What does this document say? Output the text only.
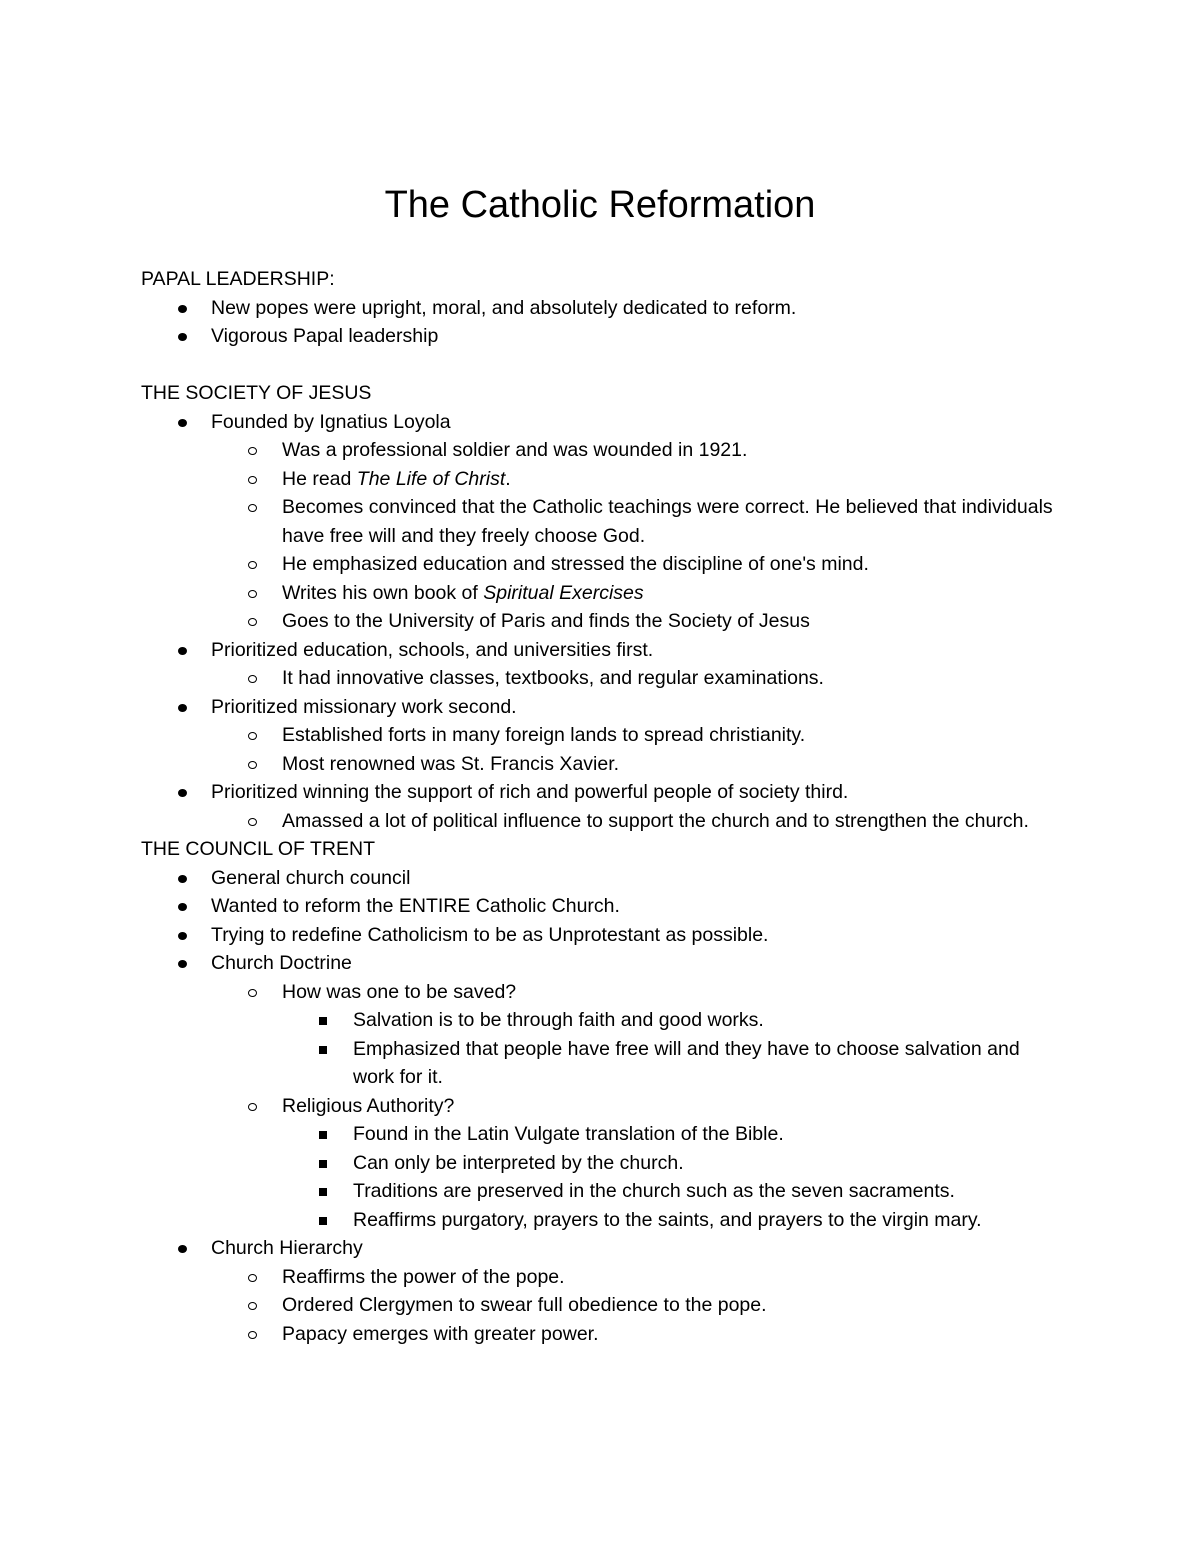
The Catholic Reformation

PAPAL LEADERSHIP:

New popes were upright, moral, and absolutely dedicated to reform.
Vigorous Papal leadership

THE SOCIETY OF JESUS

Founded by Ignatius Loyola
Was a professional soldier and was wounded in 1921.
He read The Life of Christ.
Becomes convinced that the Catholic teachings were correct. He believed that individuals have free will and they freely choose God.
He emphasized education and stressed the discipline of one's mind.
Writes his own book of Spiritual Exercises
Goes to the University of Paris and finds the Society of Jesus
Prioritized education, schools, and universities first.
It had innovative classes, textbooks, and regular examinations.
Prioritized missionary work second.
Established forts in many foreign lands to spread christianity.
Most renowned was St. Francis Xavier.
Prioritized winning the support of rich and powerful people of society third.
Amassed a lot of political influence to support the church and to strengthen the church.

THE COUNCIL OF TRENT

General church council
Wanted to reform the ENTIRE Catholic Church.
Trying to redefine Catholicism to be as Unprotestant as possible.
Church Doctrine
How was one to be saved?
Salvation is to be through faith and good works.
Emphasized that people have free will and they have to choose salvation and work for it.
Religious Authority?
Found in the Latin Vulgate translation of the Bible.
Can only be interpreted by the church.
Traditions are preserved in the church such as the seven sacraments.
Reaffirms purgatory, prayers to the saints, and prayers to the virgin mary.
Church Hierarchy
Reaffirms the power of the pope.
Ordered Clergymen to swear full obedience to the pope.
Papacy emerges with greater power.
